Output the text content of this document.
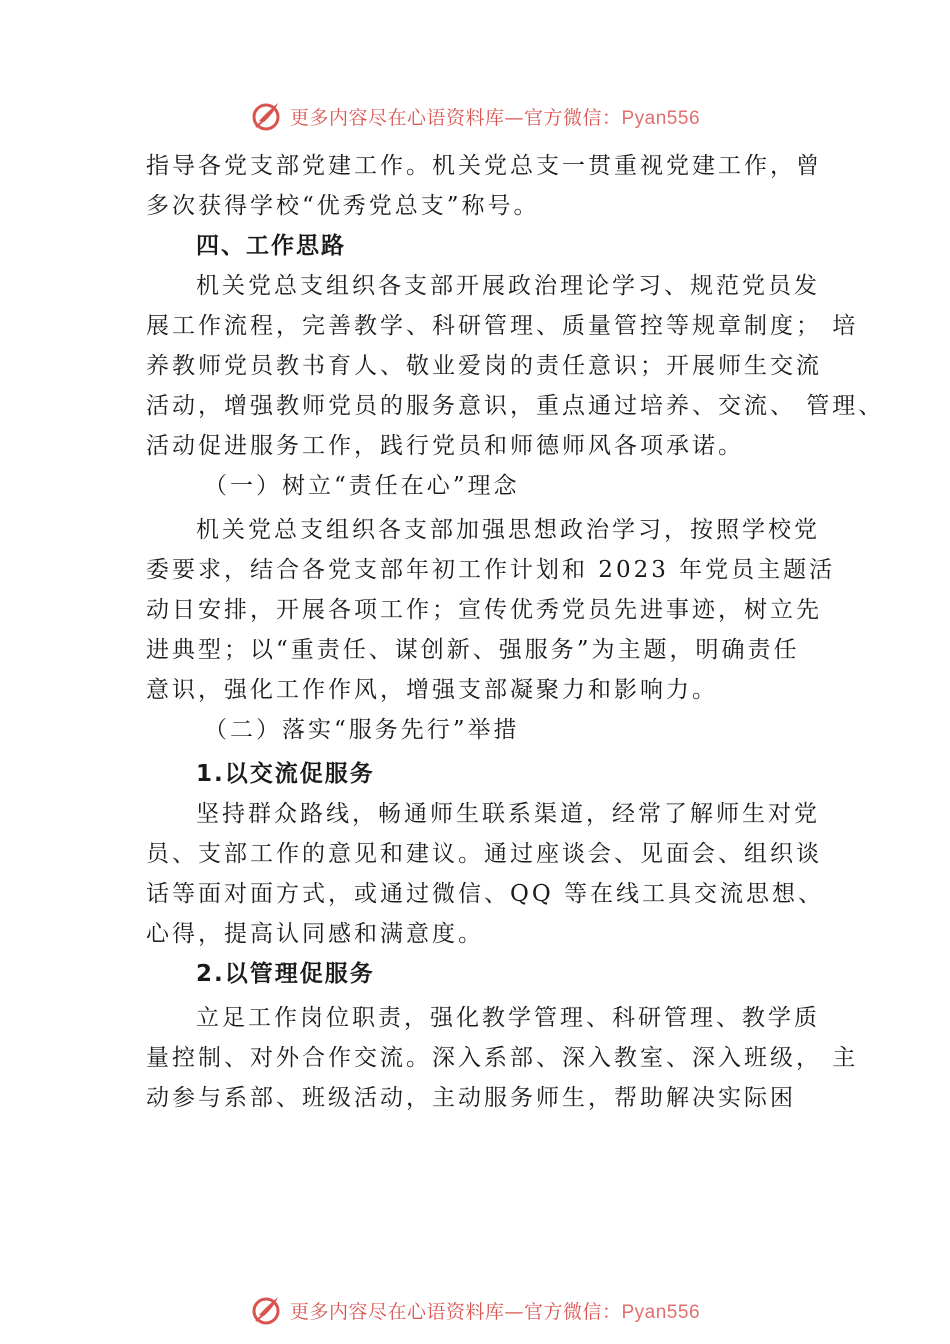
更多内容尽在心语资料库—官方微信：Pyan556

指导各党支部党建工作。机关党总支一贯重视党建工作，曾

多次获得学校“优秀党总支”称号。

四、工作思路

机关党总支组织各支部开展政治理论学习、规范党员发

展工作流程，完善教学、科研管理、质量管控等规章制度； 培

养教师党员教书育人、敬业爱岗的责任意识；开展师生交流

活动，增强教师党员的服务意识，重点通过培养、交流、 管理、

活动促进服务工作，践行党员和师德师风各项承诺。

（一）树立“责任在心”理念

机关党总支组织各支部加强思想政治学习，按照学校党

委要求，结合各党支部年初工作计划和 2023 年党员主题活

动日安排，开展各项工作；宣传优秀党员先进事迹，树立先

进典型；以“重责任、谋创新、强服务”为主题，明确责任

意识，强化工作作风，增强支部凝聚力和影响力。

（二）落实“服务先行”举措

1.以交流促服务

坚持群众路线，畅通师生联系渠道，经常了解师生对党

员、支部工作的意见和建议。通过座谈会、见面会、组织谈

话等面对面方式，或通过微信、QQ 等在线工具交流思想、

心得，提高认同感和满意度。

2.以管理促服务

立足工作岗位职责，强化教学管理、科研管理、教学质

量控制、对外合作交流。深入系部、深入教室、深入班级， 主

动参与系部、班级活动，主动服务师生，帮助解决实际困

更多内容尽在心语资料库—官方微信：Pyan556
